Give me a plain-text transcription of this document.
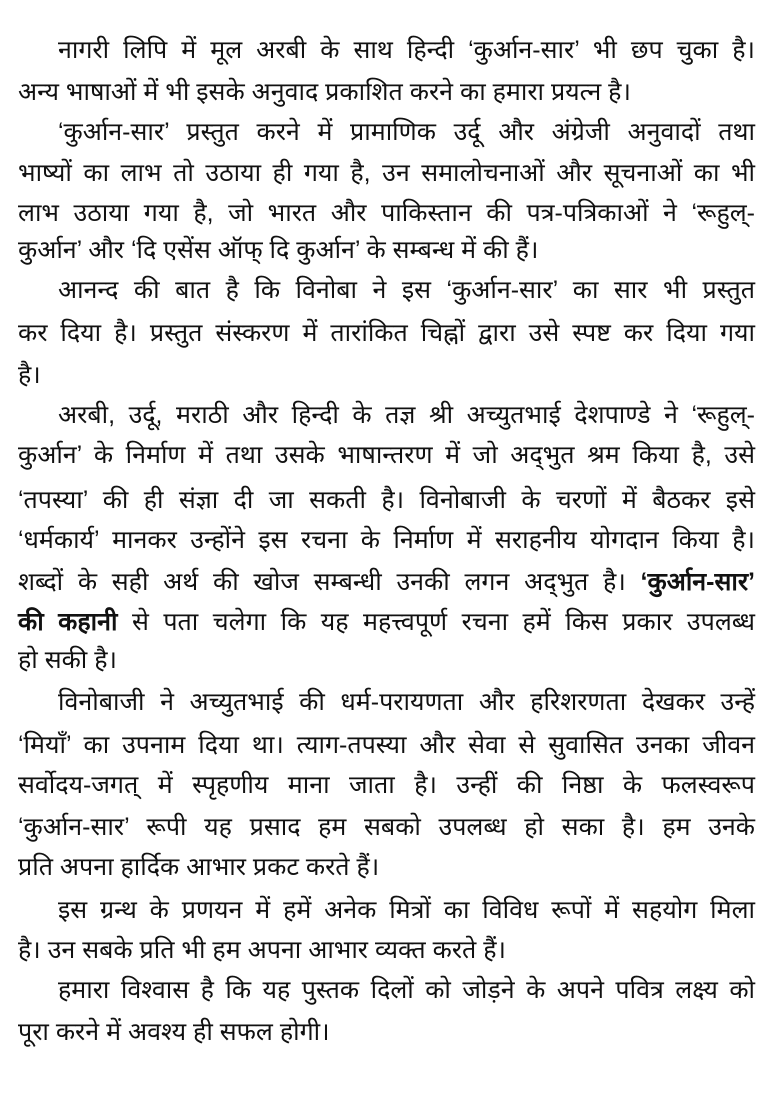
नागरी लिपि में मूल अरबी के साथ हिन्दी ‘कुर्आन-सार’ भी छप चुका है।
अन्य भाषाओं में भी इसके अनुवाद प्रकाशित करने का हमारा प्रयत्न है।
‘कुर्आन-सार’ प्रस्तुत करने में प्रामाणिक उर्दू और अंग्रेजी अनुवादों तथा
भाष्यों का लाभ तो उठाया ही गया है, उन समालोचनाओं और सूचनाओं का भी
लाभ उठाया गया है, जो भारत और पाकिस्तान की पत्र-पत्रिकाओं ने ‘रूहुल्-
कुर्आन’ और ‘दि एसेंस ऑफ् दि कुर्आन’ के सम्बन्ध में की हैं।
आनन्द की बात है कि विनोबा ने इस ‘कुर्आन-सार’ का सार भी प्रस्तुत
कर दिया है। प्रस्तुत संस्करण में तारांकित चिह्नों द्वारा उसे स्पष्ट कर दिया गया
है।
अरबी, उर्दू, मराठी और हिन्दी के तज्ञ श्री अच्युतभाई देशपाण्डे ने ‘रूहुल्-
कुर्आन’ के निर्माण में तथा उसके भाषान्तरण में जो अद्‌भुत श्रम किया है, उसे
‘तपस्या’ की ही संज्ञा दी जा सकती है। विनोबाजी के चरणों में बैठकर इसे
‘धर्मकार्य’ मानकर उन्होंने इस रचना के निर्माण में सराहनीय योगदान किया है।
शब्दों के सही अर्थ की खोज सम्बन्धी उनकी लगन अद्‌भुत है। ‘कुर्आन-सार’
की कहानी से पता चलेगा कि यह महत्त्वपूर्ण रचना हमें किस प्रकार उपलब्ध
हो सकी है।
विनोबाजी ने अच्युतभाई की धर्म-परायणता और हरिशरणता देखकर उन्हें
‘मियाँ’ का उपनाम दिया था। त्याग-तपस्या और सेवा से सुवासित उनका जीवन
सर्वोदय-जगत् में स्पृहणीय माना जाता है। उन्हीं की निष्ठा के फलस्वरूप
‘कुर्आन-सार’ रूपी यह प्रसाद हम सबको उपलब्ध हो सका है। हम उनके
प्रति अपना हार्दिक आभार प्रकट करते हैं।
इस ग्रन्थ के प्रणयन में हमें अनेक मित्रों का विविध रूपों में सहयोग मिला
है। उन सबके प्रति भी हम अपना आभार व्यक्त करते हैं।
हमारा विश्वास है कि यह पुस्तक दिलों को जोड़ने के अपने पवित्र लक्ष्य को
पूरा करने में अवश्य ही सफल होगी।
